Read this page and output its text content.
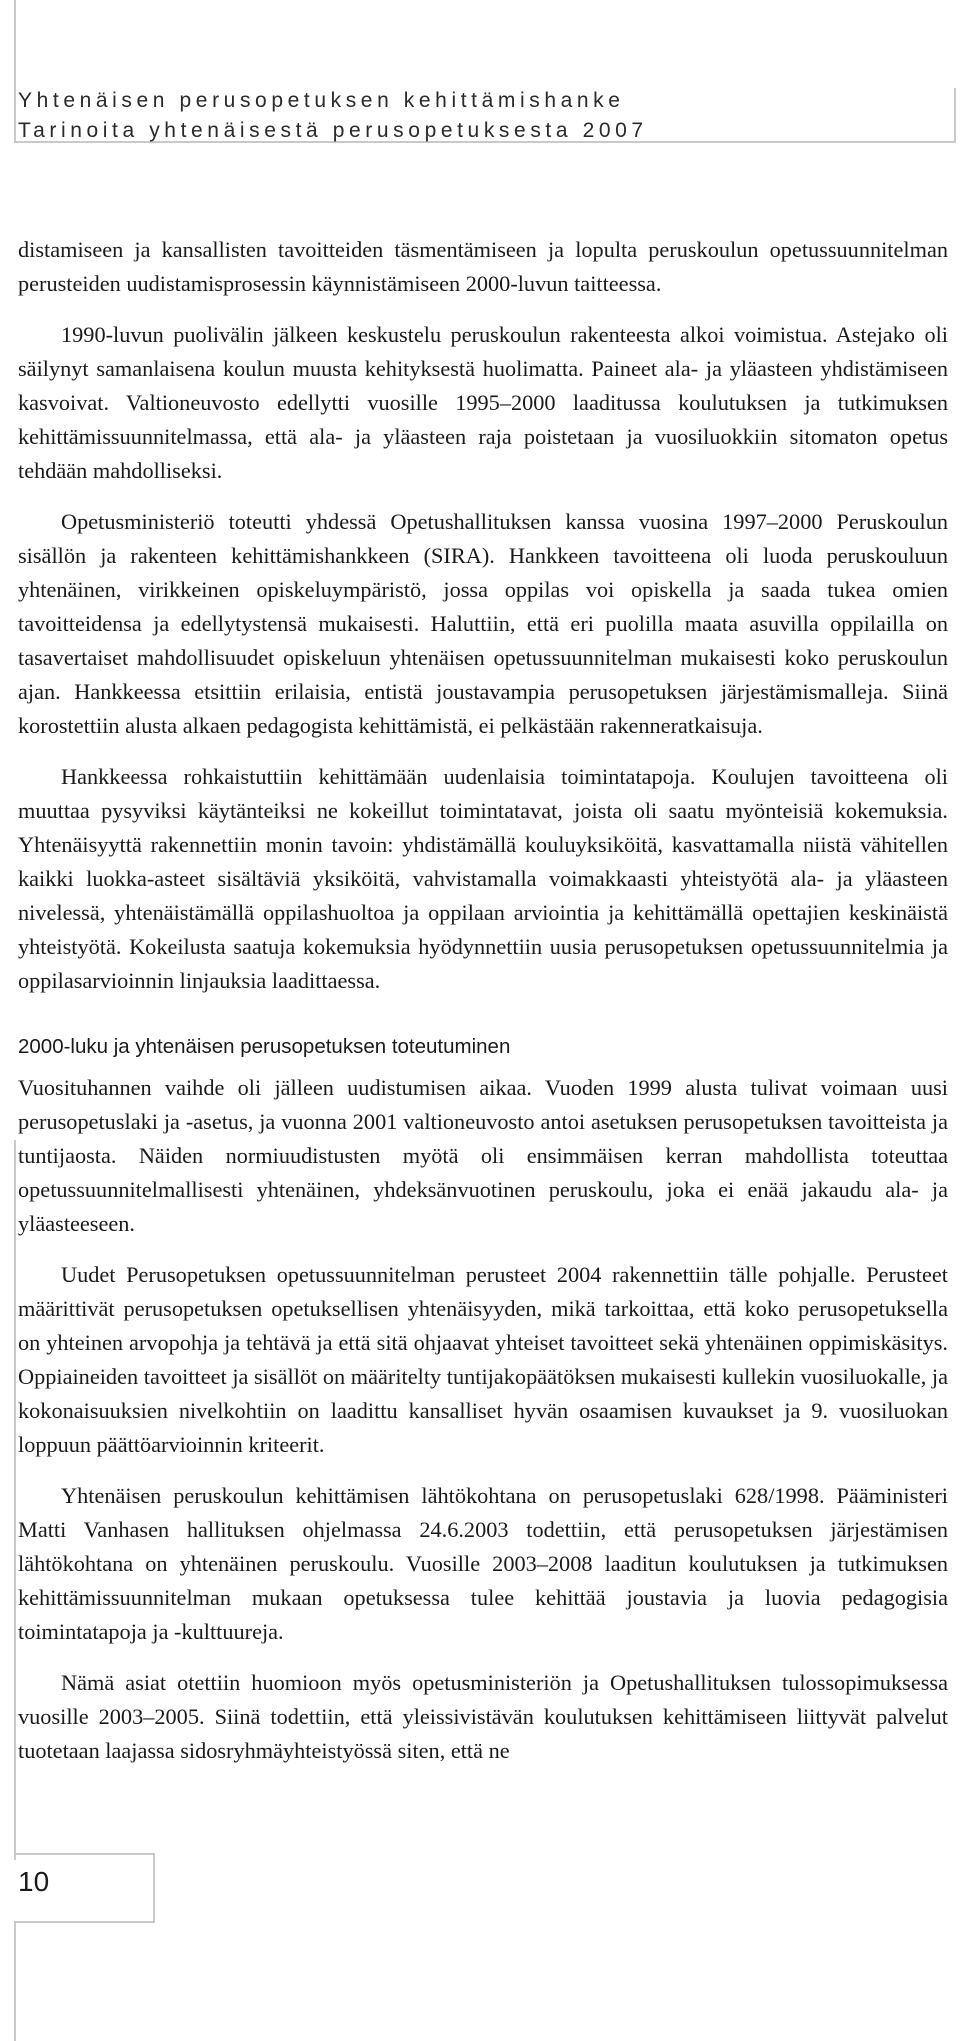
Yhtenäisen perusopetuksen kehittämishanke
Tarinoita yhtenäisestä perusopetuksesta 2007

distamiseen ja kansallisten tavoitteiden täsmentämiseen ja lopulta peruskoulun opetussuunnitelman perusteiden uudistamisprosessin käynnistämiseen 2000-luvun taitteessa.

1990-luvun puolivälin jälkeen keskustelu peruskoulun rakenteesta alkoi voimistua. Astejako oli säilynyt samanlaisena koulun muusta kehityksestä huolimatta. Paineet ala- ja yläasteen yhdistämiseen kasvoivat. Valtioneuvosto edellytti vuosille 1995–2000 laaditussa koulutuksen ja tutkimuksen kehittämissuunnitelmassa, että ala- ja yläasteen raja poistetaan ja vuosiluokkiin sitomaton opetus tehdään mahdolliseksi.

Opetusministeriö toteutti yhdessä Opetushallituksen kanssa vuosina 1997–2000 Peruskoulun sisällön ja rakenteen kehittämishankkeen (SIRA). Hankkeen tavoitteena oli luoda peruskouluun yhtenäinen, virikkeinen opiskeluympäristö, jossa oppilas voi opiskella ja saada tukea omien tavoitteidensa ja edellytystensä mukaisesti. Haluttiin, että eri puolilla maata asuvilla oppilailla on tasavertaiset mahdollisuudet opiskeluun yhtenäisen opetussuunnitelman mukaisesti koko peruskoulun ajan. Hankkeessa etsittiin erilaisia, entistä joustavampia perusopetuksen järjestämismalleja. Siinä korostettiin alusta alkaen pedagogista kehittämistä, ei pelkästään rakenneratkaisuja.

Hankkeessa rohkaistuttiin kehittämään uudenlaisia toimintatapoja. Koulujen tavoitteena oli muuttaa pysyviksi käytänteiksi ne kokeillut toimintatavat, joista oli saatu myönteisiä kokemuksia. Yhtenäisyyttä rakennettiin monin tavoin: yhdistämällä kouluyksiköitä, kasvattamalla niistä vähitellen kaikki luokka-asteet sisältäviä yksiköitä, vahvistamalla voimakkaasti yhteistyötä ala- ja yläasteen nivelessä, yhtenäistämällä oppilashuoltoa ja oppilaan arviointia ja kehittämällä opettajien keskinäistä yhteistyötä. Kokeilusta saatuja kokemuksia hyödynnettiin uusia perusopetuksen opetussuunnitelmia ja oppilasarvioinnin linjauksia laadittaessa.

2000-luku ja yhtenäisen perusopetuksen toteutuminen

Vuosituhannen vaihde oli jälleen uudistumisen aikaa. Vuoden 1999 alusta tulivat voimaan uusi perusopetuslaki ja -asetus, ja vuonna 2001 valtioneuvosto antoi asetuksen perusopetuksen tavoitteista ja tuntijaosta. Näiden normiuudistusten myötä oli ensimmäisen kerran mahdollista toteuttaa opetussuunnitelmallisesti yhtenäinen, yhdeksänvuotinen peruskoulu, joka ei enää jakaudu ala- ja yläasteeseen.

Uudet Perusopetuksen opetussuunnitelman perusteet 2004 rakennettiin tälle pohjalle. Perusteet määrittivät perusopetuksen opetuksellisen yhtenäisyyden, mikä tarkoittaa, että koko perusopetuksella on yhteinen arvopohja ja tehtävä ja että sitä ohjaavat yhteiset tavoitteet sekä yhtenäinen oppimiskäsitys. Oppiaineiden tavoitteet ja sisällöt on määritelty tuntijakopäätöksen mukaisesti kullekin vuosiluokalle, ja kokonaisuuksien nivelkohtiin on laadittu kansalliset hyvän osaamisen kuvaukset ja 9. vuosiluokan loppuun päättöarvioinnin kriteerit.

Yhtenäisen peruskoulun kehittämisen lähtökohtana on perusopetuslaki 628/1998. Pääministeri Matti Vanhasen hallituksen ohjelmassa 24.6.2003 todettiin, että perusopetuksen järjestämisen lähtökohtana on yhtenäinen peruskoulu. Vuosille 2003–2008 laaditun koulutuksen ja tutkimuksen kehittämissuunnitelman mukaan opetuksessa tulee kehittää joustavia ja luovia pedagogisia toimintatapoja ja -kulttuureja.

Nämä asiat otettiin huomioon myös opetusministeriön ja Opetushallituksen tulossopimuksessa vuosille 2003–2005. Siinä todettiin, että yleissivistävän koulutuksen kehittämiseen liittyvät palvelut tuotetaan laajassa sidosryhmäyhteistyössä siten, että ne

10
